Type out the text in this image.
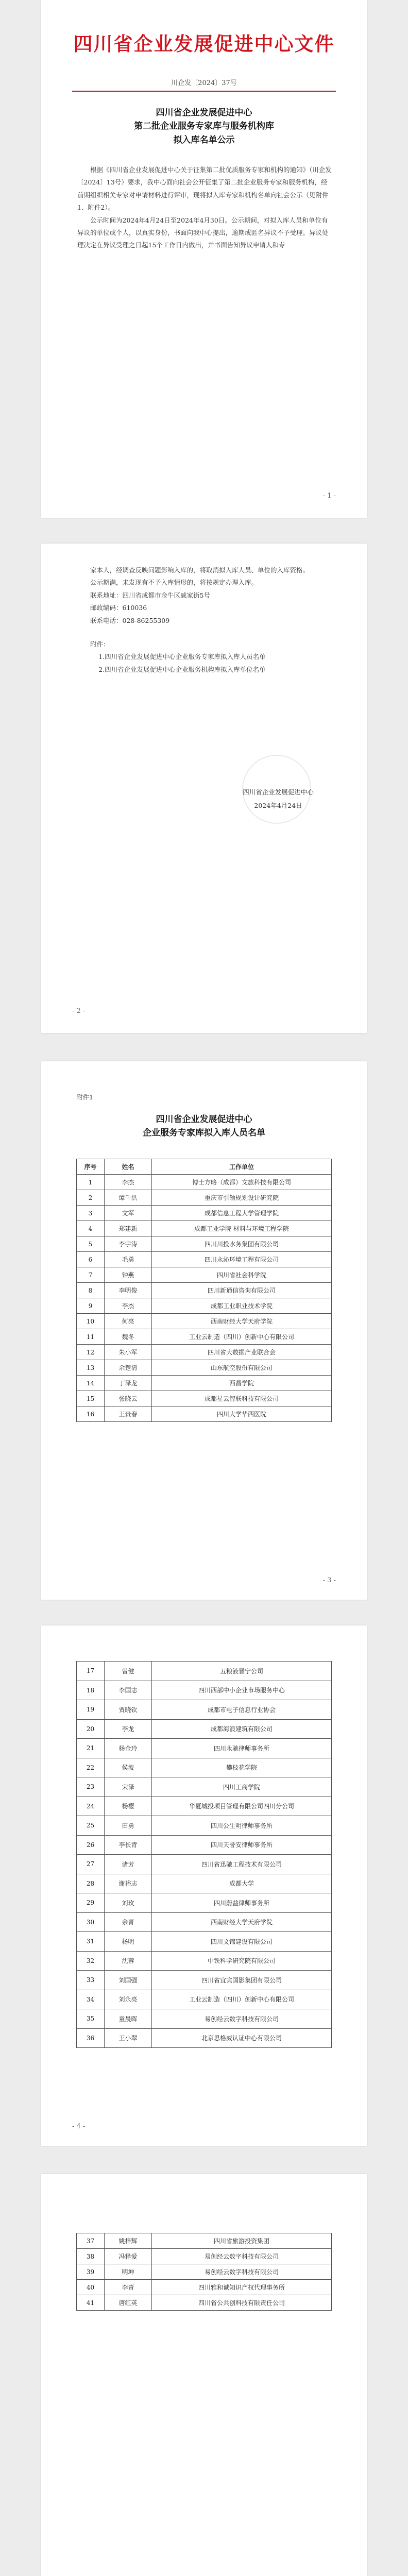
四川省企业发展促进中心文件
川企发〔2024〕37号
四川省企业发展促进中心
第二批企业服务专家库与服务机构库
拟入库名单公示

根据《四川省企业发展促进中心关于征集第二批优质服务专家和机构的通知》（川企发〔2024〕13号）要求，我中心面向社会公开征集了第二批企业服务专家和服务机构，经前期组织相关专家对申请材料进行评审，现将拟入库专家和机构名单向社会公示（见附件1、附件2）。

公示时间为2024年4月24日至2024年4月30日。公示期间，对拟入库人员和单位有异议的单位或个人，以真实身份，书面向我中心提出，逾期或匿名异议不予受理。异议处理决定在异议受理之日起15个工作日内做出，并书面告知异议申请人和专

- 1 -

家本人，经调查反映问题影响入库的，将取消拟入库人员、单位的入库资格。

公示期满，未发现有不予入库情形的，将按规定办理入库。

联系地址：四川省成都市金牛区戚家街5号

邮政编码：610036

联系电话：028-86255309

附件：

1.四川省企业发展促进中心企业服务专家库拟入库人员名单

2.四川省企业发展促进中心企业服务机构库拟入库单位名单

四川省企业发展促进中心
2024年4月24日
- 2 -
附件1
四川省企业发展促进中心
企业服务专家库拟入库人员名单
序号	姓名	工作单位
1	李杰	博士方略（成都）文旅科技有限公司
2	谭千洪	重庆市引领规划设计研究院
3	文军	成都信息工程大学管理学院
4	郑建新	成都工业学院 材料与环境工程学院
5	李宇涛	四川川投水务集团有限公司
6	毛勇	四川永沁环境工程有限公司
7	钟燕	四川省社会科学院
8	李明俊	四川新通信咨询有限公司
9	李杰	成都工业职业技术学院
10	何亮	西南财经大学天府学院
11	魏冬	工业云制造（四川）创新中心有限公司
12	朱小军	四川省大数据产业联合会
13	余楚清	山东航空股份有限公司
14	丁泽龙	西昌学院
15	张晓云	成都星云智联科技有限公司
16	王贵春	四川大学华西医院
- 3 -
17	曾健	五粮液晋宁公司
18	李国志	四川西部中小企业市场服务中心
19	贾晓钦	成都市电子信息行业协会
20	李龙	成都海浪建筑有限公司
21	杨金玲	四川永驰律师事务所
22	侯波	攀枝花学院
23	宋泽	四川工商学院
24	杨樱	华夏城投项目管理有限公司四川分公司
25	田勇	四川公生明律师事务所
26	李长青	四川天誉安律师事务所
27	诸芳	四川省迅驰工程技术有限公司
28	谢裕志	成都大学
29	刘玫	四川蔚益律师事务所
30	余菁	西南财经大学天府学院
31	杨明	四川文锦建设有限公司
32	沈蓉	中铁科学研究院有限公司
33	刘国强	四川省宜宾国影集团有限公司
34	刘永亮	工业云制造（四川）创新中心有限公司
35	童晨晖	易创经云数字科技有限公司
36	王小翠	北京思格威认证中心有限公司
- 4 -
37	姚梓辉	四川省旅游投资集团
38	冯释爱	易创经云数字科技有限公司
39	明坤	易创经云数字科技有限公司
40	李青	四川雅和诚知识产权代理事务所
41	唐红英	四川省公共创科技有限责任公司
